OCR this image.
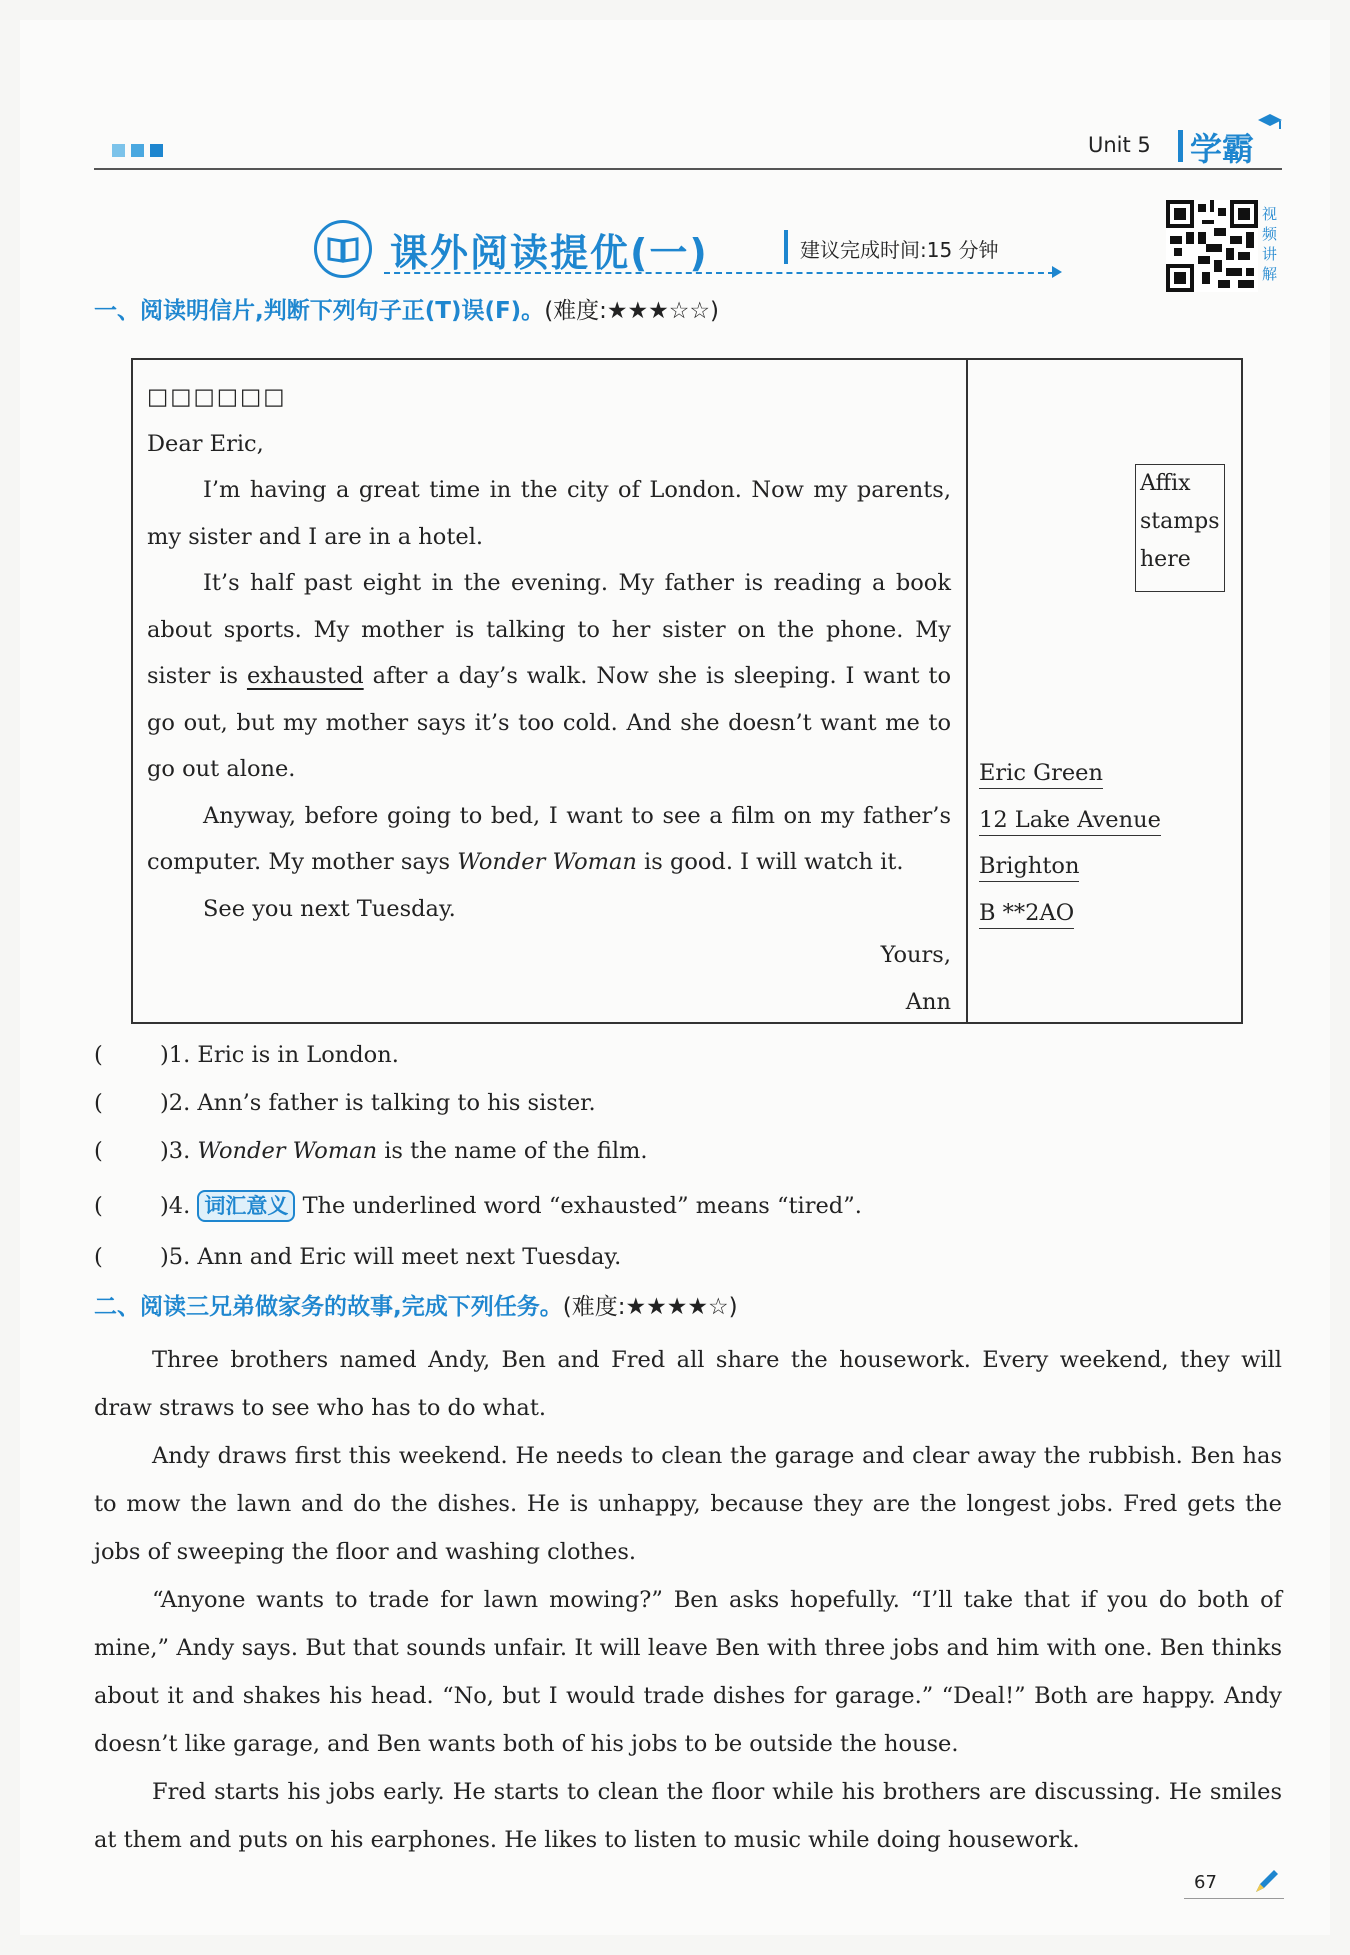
Unit 5 学霸
课外阅读提优(一)	建议完成时间:15 分钟
视频讲解
一、阅读明信片,判断下列句子正(T)误(F)。(难度:★★★☆☆)
□□□□□□
Dear Eric,

I’m having a great time in the city of London. Now my parents, my sister and I are in a hotel.

It’s half past eight in the evening. My father is reading a book about sports. My mother is talking to her sister on the phone. My sister is exhausted after a day’s walk. Now she is sleeping. I want to go out, but my mother says it’s too cold. And she doesn’t want me to go out alone.

Anyway, before going to bed, I want to see a film on my father’s computer. My mother says Wonder Woman is good. I will watch it.

See you next Tuesday.

Yours,
Ann
Affix
stamps
here
Eric Green
12 Lake Avenue
Brighton
B **2AO
(	)1. Eric is in London.
(	)2. Ann’s father is talking to his sister.
(	)3. Wonder Woman is the name of the film.
(	)4. 词汇意义 The underlined word “exhausted” means “tired”.
(	)5. Ann and Eric will meet next Tuesday.
二、阅读三兄弟做家务的故事,完成下列任务。(难度:★★★★☆)

Three brothers named Andy, Ben and Fred all share the housework. Every weekend, they will draw straws to see who has to do what.

Andy draws first this weekend. He needs to clean the garage and clear away the rubbish. Ben has to mow the lawn and do the dishes. He is unhappy, because they are the longest jobs. Fred gets the jobs of sweeping the floor and washing clothes.

“Anyone wants to trade for lawn mowing?” Ben asks hopefully. “I’ll take that if you do both of mine,” Andy says. But that sounds unfair. It will leave Ben with three jobs and him with one. Ben thinks about it and shakes his head. “No, but I would trade dishes for garage.” “Deal!” Both are happy. Andy doesn’t like garage, and Ben wants both of his jobs to be outside the house.

Fred starts his jobs early. He starts to clean the floor while his brothers are discussing. He smiles at them and puts on his earphones. He likes to listen to music while doing housework.

67
